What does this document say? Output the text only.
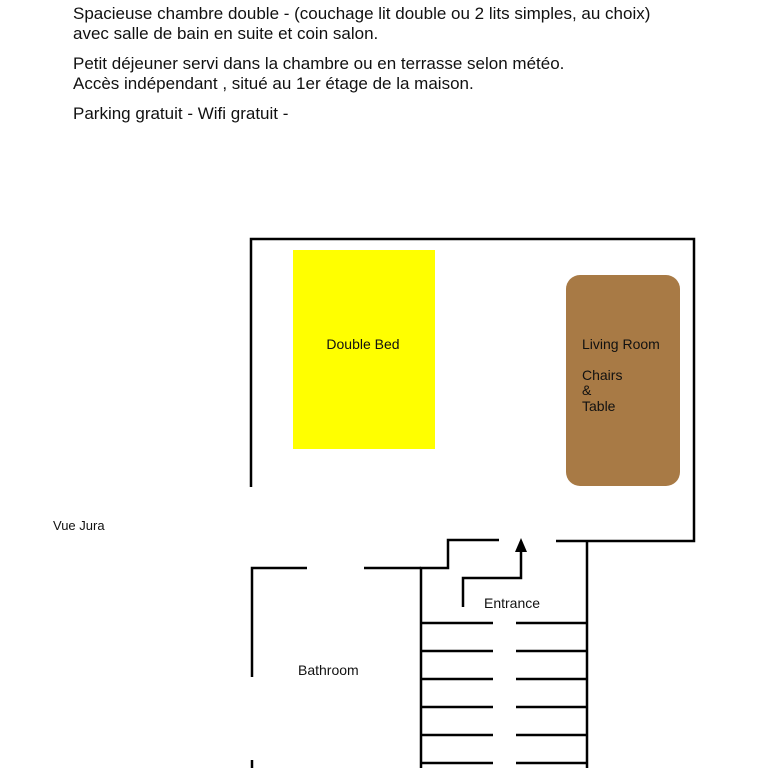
Spacieuse chambre double - (couchage lit double ou 2 lits simples, au choix)
avec salle de bain en suite et coin salon.

Petit déjeuner servi dans la chambre ou en terrasse selon météo.
Accès indépendant , situé au 1er étage de la maison.

Parking gratuit - Wifi gratuit -

Double Bed	Living Room
Chairs
&
Table
Vue Jura
Entrance
Bathroom
